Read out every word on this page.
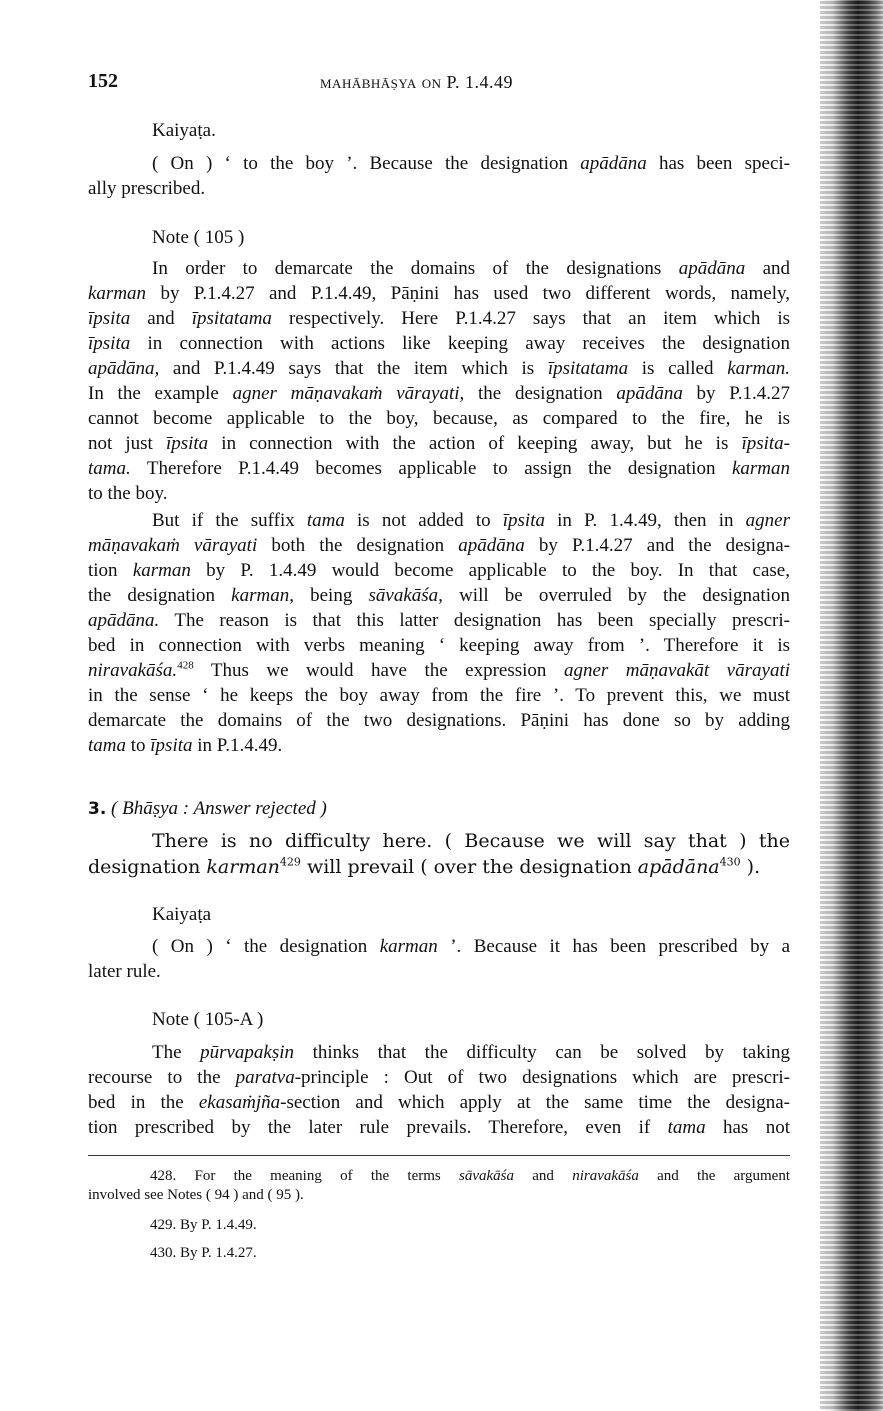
152	mahābhāṣya on P. 1.4.49
Kaiyaṭa.
( On ) ‘ to the boy ’. Because the designation apādāna has been speci-
ally prescribed.
Note ( 105 )
In order to demarcate the domains of the designations apādāna and
karman by P.1.4.27 and P.1.4.49, Pāṇini has used two different words, namely,
īpsita and īpsitatama respectively. Here P.1.4.27 says that an item which is
īpsita in connection with actions like keeping away receives the designation
apādāna, and P.1.4.49 says that the item which is īpsitatama is called karman.
In the example agner māṇavakaṁ vārayati, the designation apādāna by P.1.4.27
cannot become applicable to the boy, because, as compared to the fire, he is
not just īpsita in connection with the action of keeping away, but he is īpsita-
tama. Therefore P.1.4.49 becomes applicable to assign the designation karman
to the boy.
But if the suffix tama is not added to īpsita in P. 1.4.49, then in agner
māṇavakaṁ vārayati both the designation apādāna by P.1.4.27 and the designa-
tion karman by P. 1.4.49 would become applicable to the boy. In that case,
the designation karman, being sāvakāśa, will be overruled by the designation
apādāna. The reason is that this latter designation has been specially prescri-
bed in connection with verbs meaning ‘ keeping away from ’. Therefore it is
niravakāśa.$^{428}$ Thus we would have the expression agner māṇavakāt vārayati
in the sense ‘ he keeps the boy away from the fire ’. To prevent this, we must
demarcate the domains of the two designations. Pāṇini has done so by adding
tama to īpsita in P.1.4.49.
3. ( Bhāṣya : Answer rejected )
There is no difficulty here. ( Because we will say that ) the
designation karman$^{429}$ will prevail ( over the designation apādāna$^{430}$ ).
Kaiyaṭa
( On ) ‘ the designation karman ’. Because it has been prescribed by a
later rule.
Note ( 105-A )
The pūrvapakṣin thinks that the difficulty can be solved by taking
recourse to the paratva-principle : Out of two designations which are prescri-
bed in the ekasaṁjña-section and which apply at the same time the designa-
tion prescribed by the later rule prevails. Therefore, even if tama has not
428. For the meaning of the terms sāvakāśa and niravakāśa and the argument
involved see Notes ( 94 ) and ( 95 ).
429. By P. 1.4.49.
430. By P. 1.4.27.
